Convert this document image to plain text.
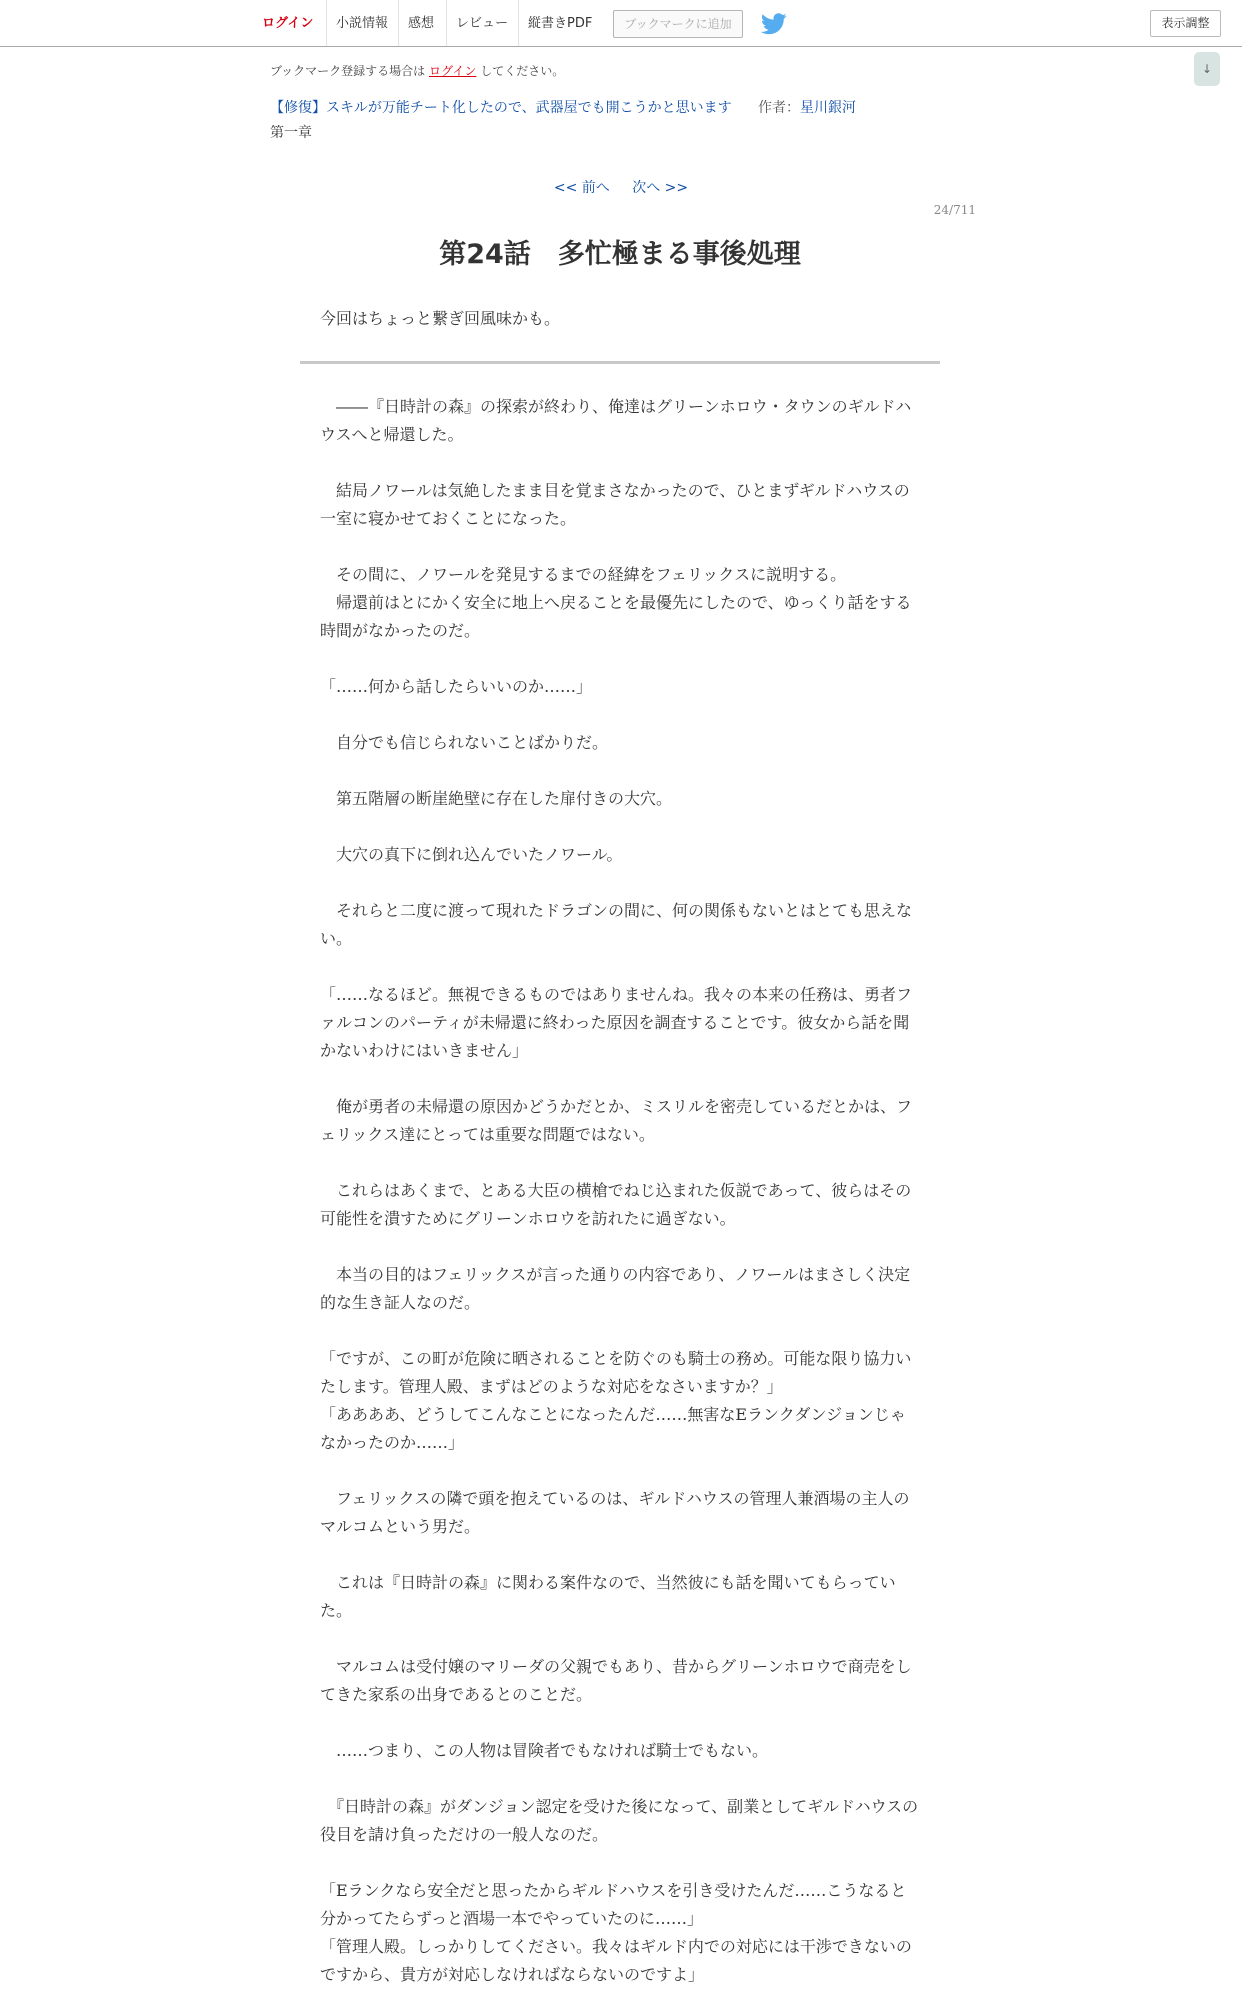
ログイン	小説情報	感想	レビュー	縦書きPDF	ブックマークに追加	表示調整
↓
ブックマーク登録する場合は ログイン してください。
【修復】スキルが万能チート化したので、武器屋でも開こうかと思います 作者：星川銀河
第一章
<< 前へ 次へ >>
24/711
第24話　多忙極まる事後処理
今回はちょっと繋ぎ回風味かも。

　――『日時計の森』の探索が終わり、俺達はグリーンホロウ・タウンのギルドハウスへと帰還した。

　結局ノワールは気絶したまま目を覚まさなかったので、ひとまずギルドハウスの一室に寝かせておくことになった。

　その間に、ノワールを発見するまでの経緯をフェリックスに説明する。

　帰還前はとにかく安全に地上へ戻ることを最優先にしたので、ゆっくり話をする時間がなかったのだ。

「……何から話したらいいのか……」

　自分でも信じられないことばかりだ。

　第五階層の断崖絶壁に存在した扉付きの大穴。

　大穴の真下に倒れ込んでいたノワール。

　それらと二度に渡って現れたドラゴンの間に、何の関係もないとはとても思えない。

「……なるほど。無視できるものではありませんね。我々の本来の任務は、勇者ファルコンのパーティが未帰還に終わった原因を調査することです。彼女から話を聞かないわけにはいきません」

　俺が勇者の未帰還の原因かどうかだとか、ミスリルを密売しているだとかは、フェリックス達にとっては重要な問題ではない。

　これらはあくまで、とある大臣の横槍でねじ込まれた仮説であって、彼らはその可能性を潰すためにグリーンホロウを訪れたに過ぎない。

　本当の目的はフェリックスが言った通りの内容であり、ノワールはまさしく決定的な生き証人なのだ。

「ですが、この町が危険に晒されることを防ぐのも騎士の務め。可能な限り協力いたします。管理人殿、まずはどのような対応をなさいますか？」

「ああああ、どうしてこんなことになったんだ……無害なEランクダンジョンじゃなかったのか……」

　フェリックスの隣で頭を抱えているのは、ギルドハウスの管理人兼酒場の主人のマルコムという男だ。

　これは『日時計の森』に関わる案件なので、当然彼にも話を聞いてもらっていた。

　マルコムは受付嬢のマリーダの父親でもあり、昔からグリーンホロウで商売をしてきた家系の出身であるとのことだ。

　……つまり、この人物は冒険者でもなければ騎士でもない。

　『日時計の森』がダンジョン認定を受けた後になって、副業としてギルドハウスの役目を請け負っただけの一般人なのだ。

「Eランクなら安全だと思ったからギルドハウスを引き受けたんだ……こうなると分かってたらずっと酒場一本でやっていたのに……」

「管理人殿。しっかりしてください。我々はギルド内での対応には干渉できないのですから、貴方が対応しなければならないのですよ」
